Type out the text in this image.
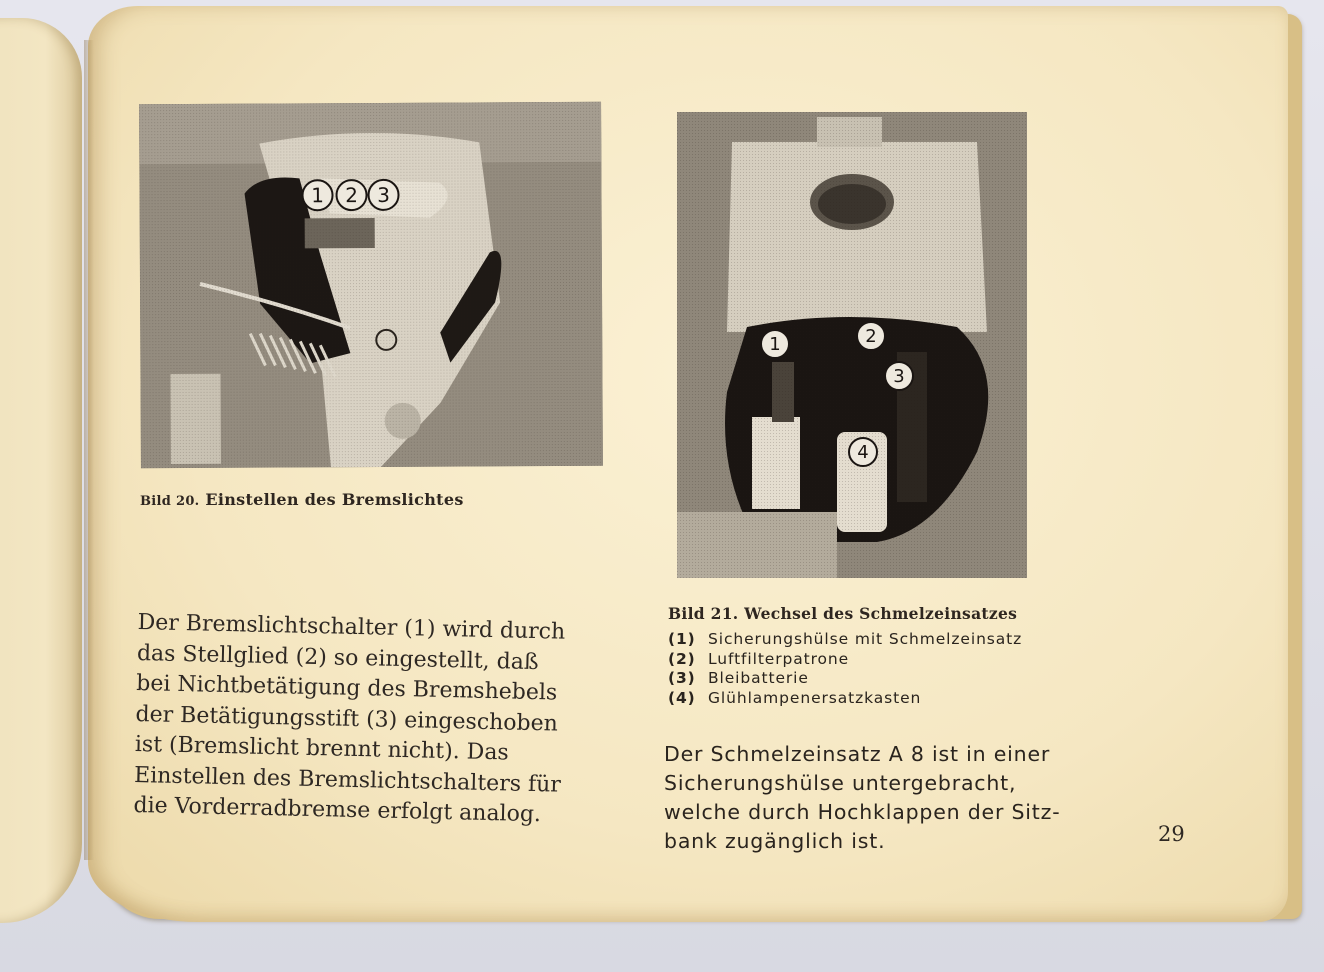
1 2 3
1	2
3
4
Bild 20. Einstellen des Bremslichtes
Bild 21. Wechsel des Schmelzeinsatzes
(1) Sicherungshülse mit Schmelzeinsatz
(2) Luftfilterpatrone
(3) Bleibatterie
(4) Glühlampenersatzkasten
Der Bremslichtschalter (1) wird durch
das Stellglied (2) so eingestellt, daß
bei Nichtbetätigung des Bremshebels
der Betätigungsstift (3) eingeschoben
ist (Bremslicht brennt nicht). Das
Einstellen des Bremslichtschalters für
die Vorderradbremse erfolgt analog.
Der Schmelzeinsatz A 8 ist in einer
Sicherungshülse untergebracht,
welche durch Hochklappen der Sitz-
bank zugänglich ist.	29
